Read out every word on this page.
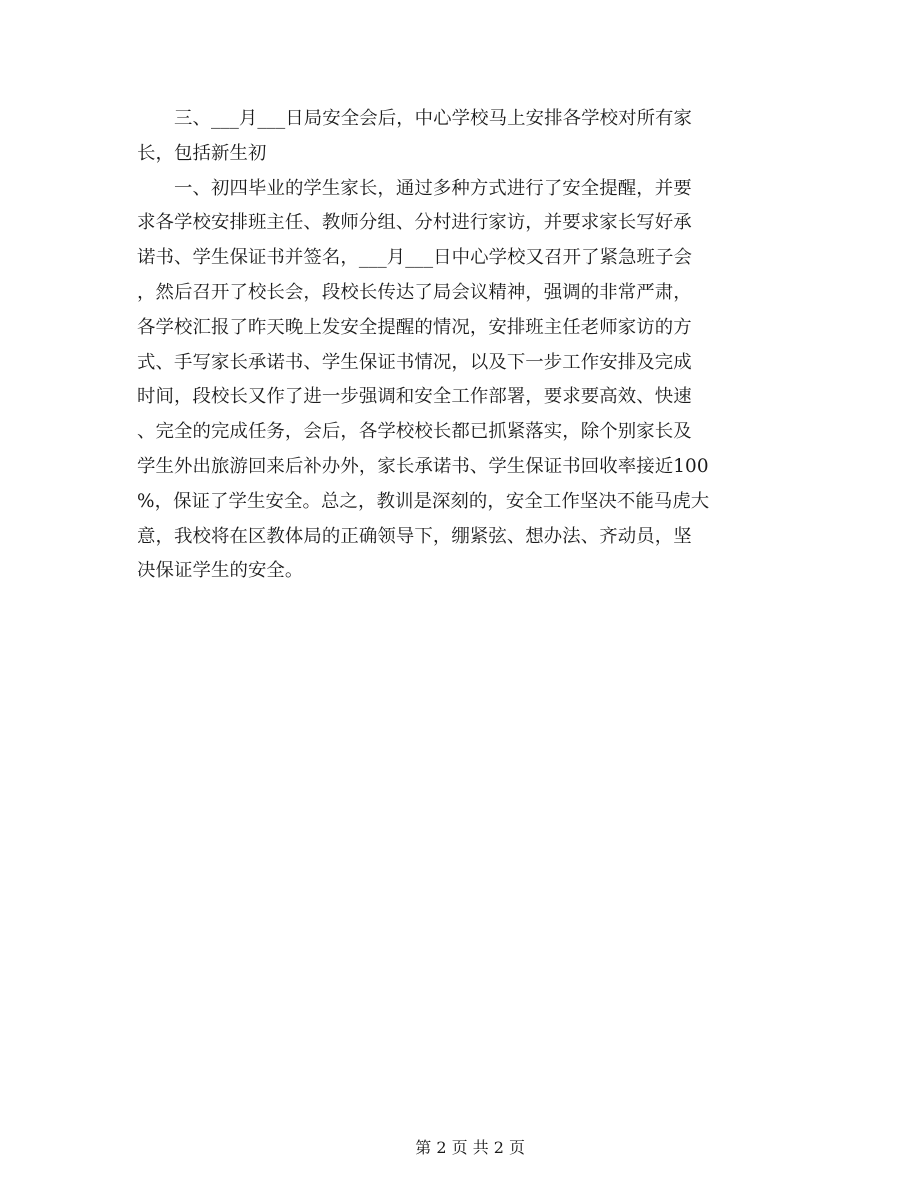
三、___月___日局安全会后，中心学校马上安排各学校对所有家
长，包括新生初
一、初四毕业的学生家长，通过多种方式进行了安全提醒，并要
求各学校安排班主任、教师分组、分村进行家访，并要求家长写好承
诺书、学生保证书并签名，___月___日中心学校又召开了紧急班子会
，然后召开了校长会，段校长传达了局会议精神，强调的非常严肃，
各学校汇报了昨天晚上发安全提醒的情况，安排班主任老师家访的方
式、手写家长承诺书、学生保证书情况，以及下一步工作安排及完成
时间，段校长又作了进一步强调和安全工作部署，要求要高效、快速
、完全的完成任务，会后，各学校校长都已抓紧落实，除个别家长及
学生外出旅游回来后补办外，家长承诺书、学生保证书回收率接近100
%，保证了学生安全。总之，教训是深刻的，安全工作坚决不能马虎大
意，我校将在区教体局的正确领导下，绷紧弦、想办法、齐动员，坚
决保证学生的安全。

第 2 页 共 2 页
